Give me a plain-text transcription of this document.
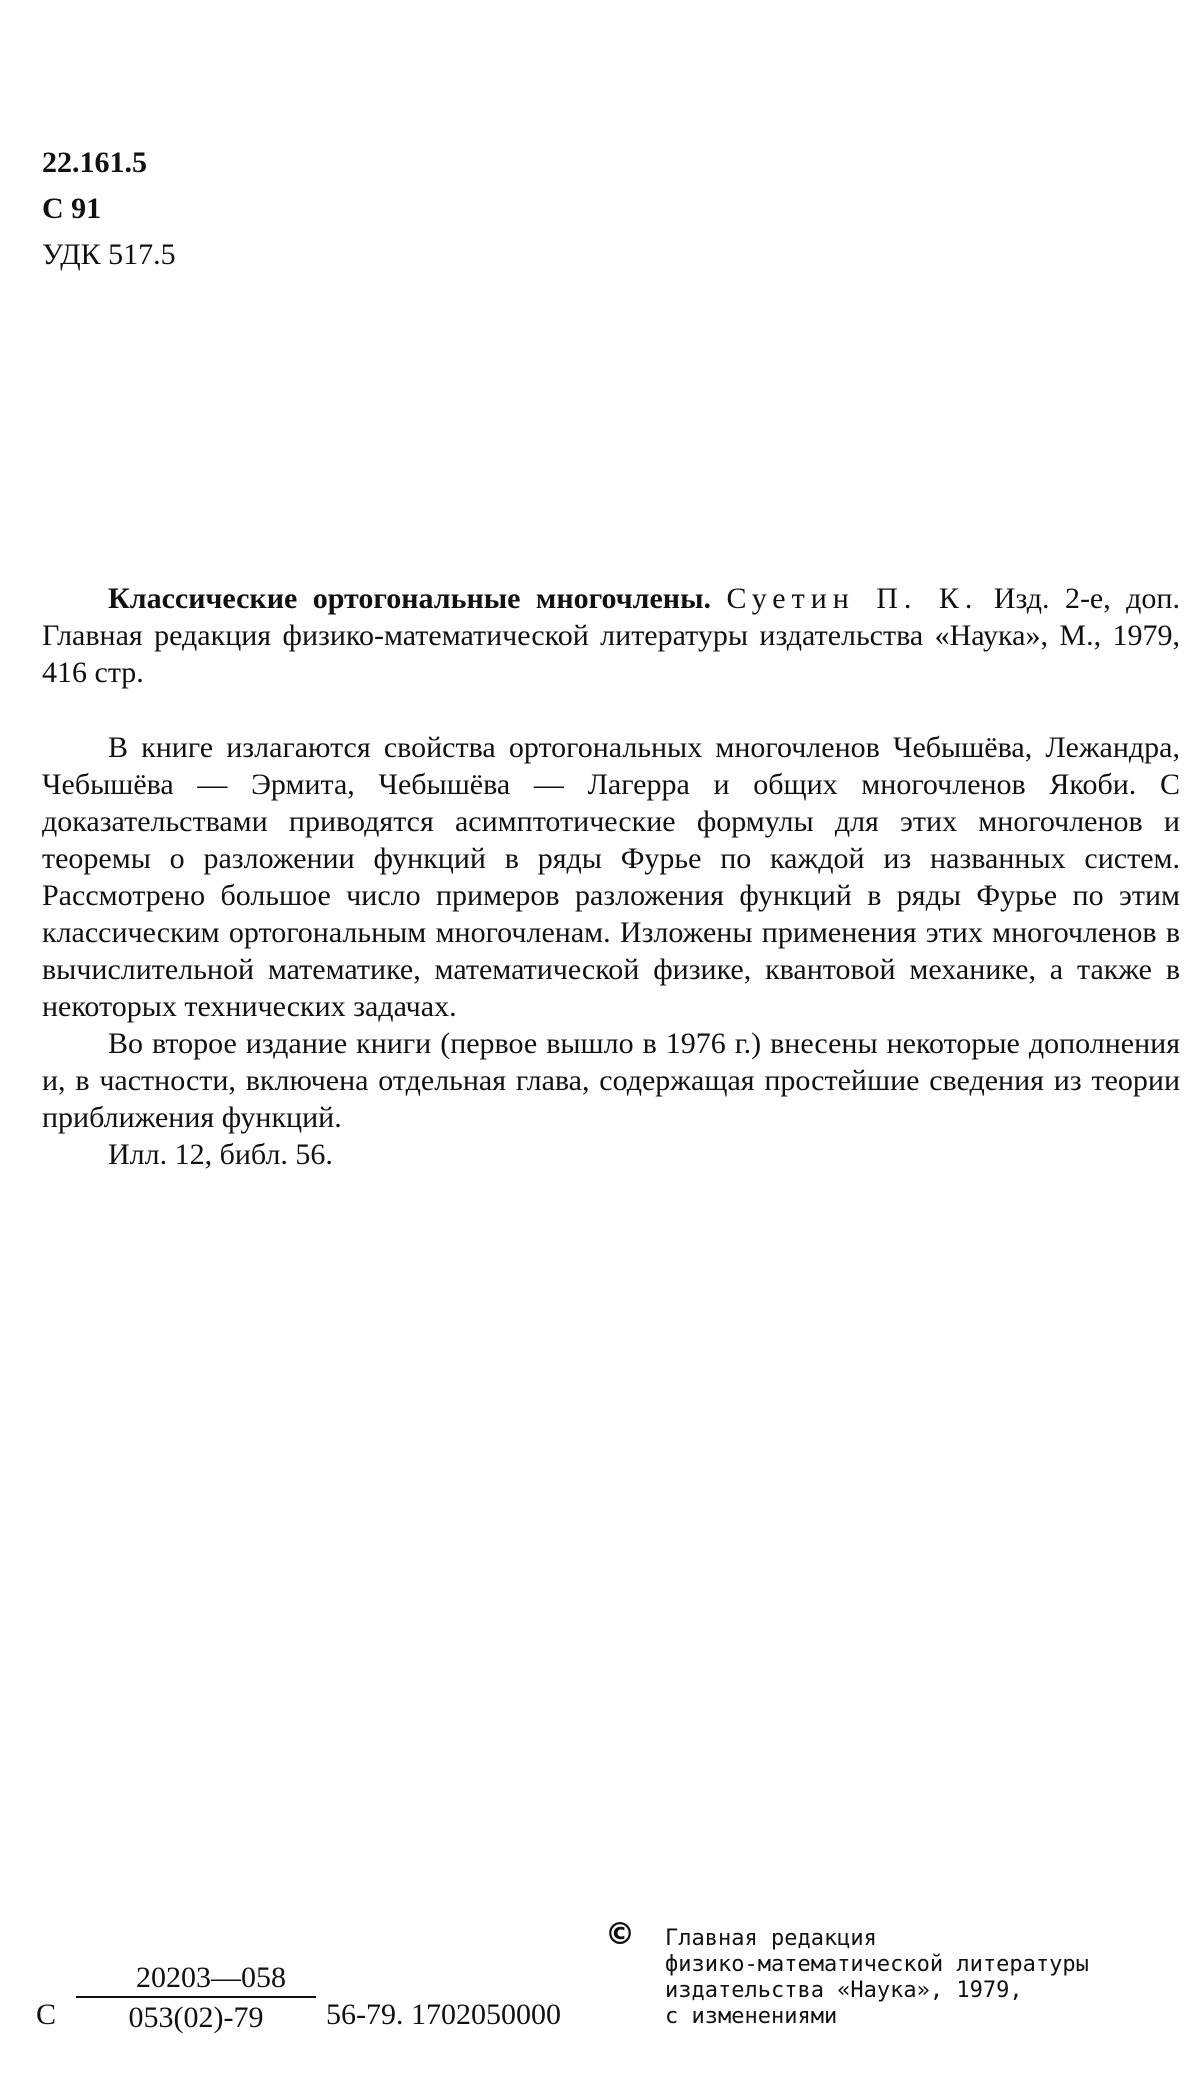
22.161.5
С 91
УДК 517.5

Классические ортогональные многочлены. Суетин П. К. Изд. 2-е, доп. Главная редакция физико-математической литературы издательства «Наука», М., 1979, 416 стр.

В книге излагаются свойства ортогональных многочленов Чебышёва, Лежандра, Чебышёва — Эрмита, Чебышёва — Лагерра и общих многочленов Якоби. С доказательствами приводятся асимптотические формулы для этих многочленов и теоремы о разложении функций в ряды Фурье по каждой из названных систем. Рассмотрено большое число примеров разложения функций в ряды Фурье по этим классическим ортогональным многочленам. Изложены применения этих многочленов в вычислительной математике, математической физике, квантовой механике, а также в некоторых технических задачах.

Во второе издание книги (первое вышло в 1976 г.) внесены некоторые дополнения и, в частности, включена отдельная глава, содержащая простейшие сведения из теории приближения функций.

Илл. 12, библ. 56.

С $\frac{20203—058}{053(02)-79} 56-79$. 1702050000
© Главная редакция
физико-математической литературы
издательства «Наука», 1979,
с изменениями
